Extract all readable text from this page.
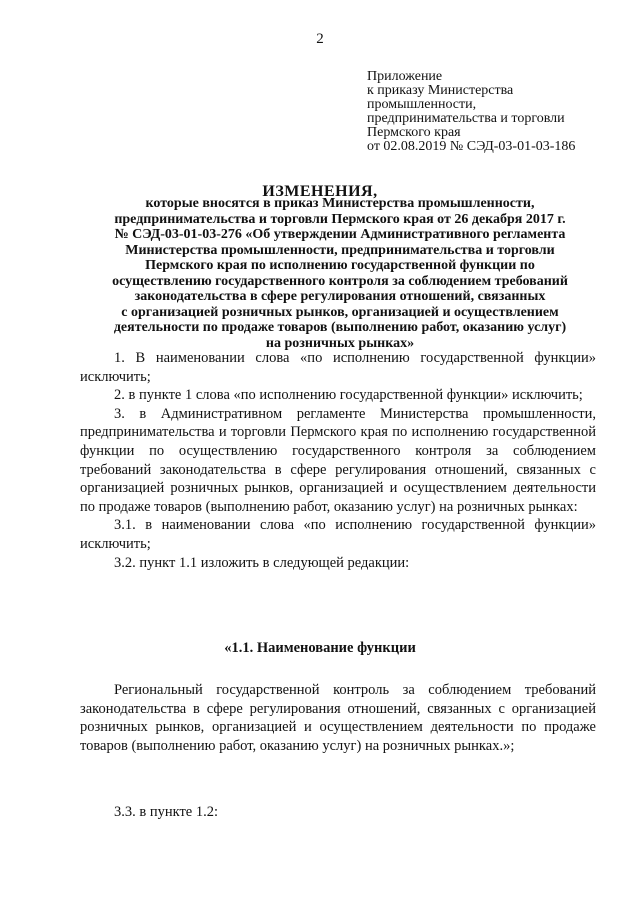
2
Приложение
к приказу Министерства
промышленности,
предпринимательства и торговли
Пермского края
от 02.08.2019 № СЭД-03-01-03-186
ИЗМЕНЕНИЯ,
которые вносятся в приказ Министерства промышленности,
предпринимательства и торговли Пермского края от 26 декабря 2017 г.
№ СЭД-03-01-03-276 «Об утверждении Административного регламента
Министерства промышленности, предпринимательства и торговли
Пермского края по исполнению государственной функции по
осуществлению государственного контроля за соблюдением требований
законодательства в сфере регулирования отношений, связанных
с организацией розничных рынков, организацией и осуществлением
деятельности по продаже товаров (выполнению работ, оказанию услуг)
на розничных рынках»

1. В наименовании слова «по исполнению государственной функции» исключить;

2. в пункте 1 слова «по исполнению государственной функции» исключить;

3. в Административном регламенте Министерства промышленности, предпринимательства и торговли Пермского края по исполнению государственной функции по осуществлению государственного контроля за соблюдением требований законодательства в сфере регулирования отношений, связанных с организацией розничных рынков, организацией и осуществлением деятельности по продаже товаров (выполнению работ, оказанию услуг) на розничных рынках:

3.1. в наименовании слова «по исполнению государственной функции» исключить;

3.2. пункт 1.1 изложить в следующей редакции:

«1.1. Наименование функции

Региональный государственной контроль за соблюдением требований законодательства в сфере регулирования отношений, связанных с организацией розничных рынков, организацией и осуществлением деятельности по продаже товаров (выполнению работ, оказанию услуг) на розничных рынках.»;

3.3. в пункте 1.2:
